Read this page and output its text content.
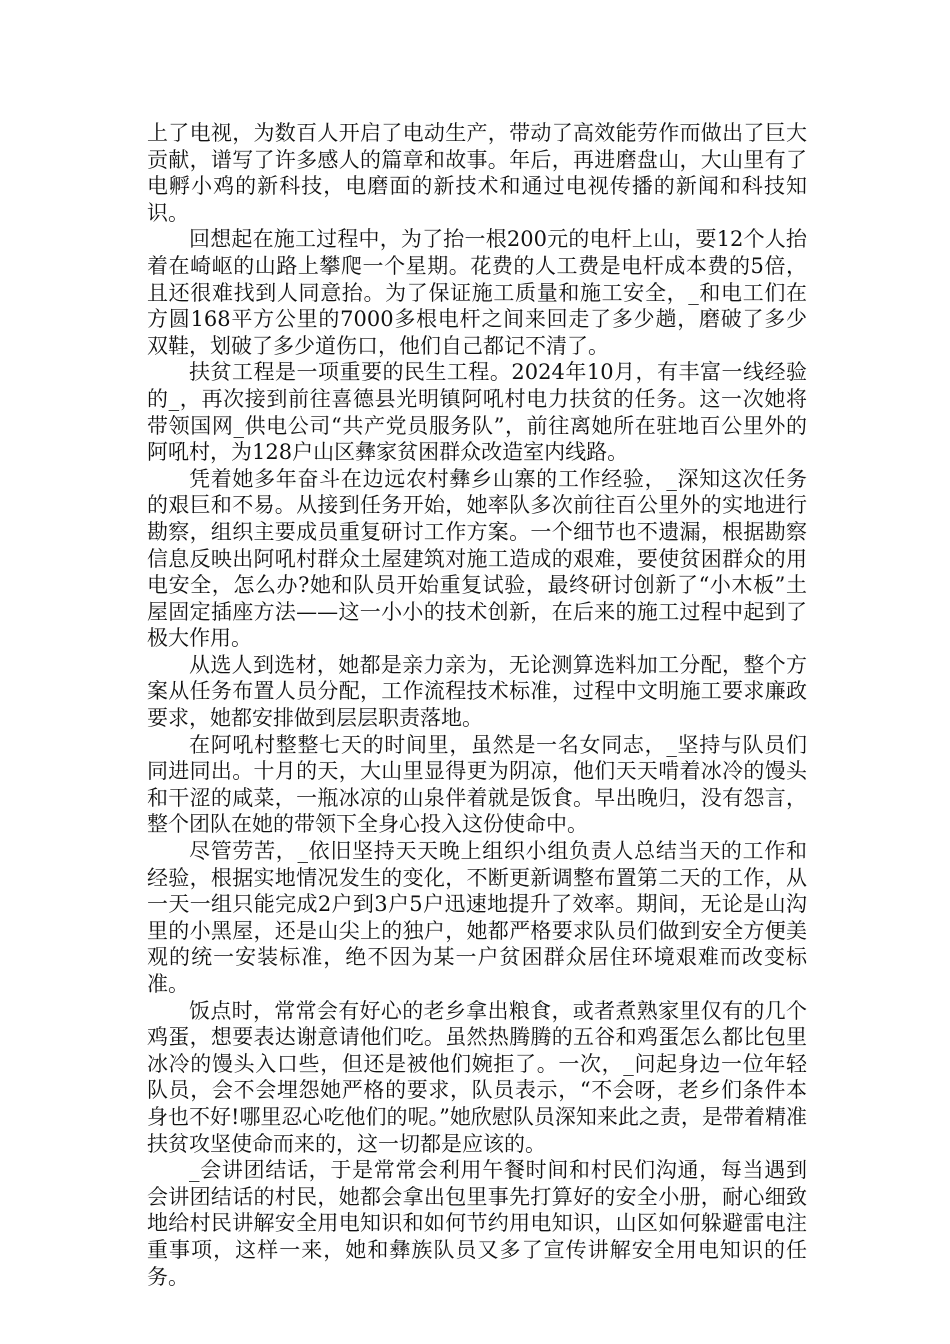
上了电视，为数百人开启了电动生产，带动了高效能劳作而做出了巨大贡献，谱写了许多感人的篇章和故事。年后，再进磨盘山，大山里有了电孵小鸡的新科技，电磨面的新技术和通过电视传播的新闻和科技知识。

回想起在施工过程中，为了抬一根200元的电杆上山，要12个人抬着在崎岖的山路上攀爬一个星期。花费的人工费是电杆成本费的5倍，且还很难找到人同意抬。为了保证施工质量和施工安全，_和电工们在方圆168平方公里的7000多根电杆之间来回走了多少趟，磨破了多少双鞋，划破了多少道伤口，他们自己都记不清了。

扶贫工程是一项重要的民生工程。2024年10月，有丰富一线经验的_，再次接到前往喜德县光明镇阿吼村电力扶贫的任务。这一次她将带领国网_供电公司“共产党员服务队”，前往离她所在驻地百公里外的阿吼村，为128户山区彝家贫困群众改造室内线路。

凭着她多年奋斗在边远农村彝乡山寨的工作经验，_深知这次任务的艰巨和不易。从接到任务开始，她率队多次前往百公里外的实地进行勘察，组织主要成员重复研讨工作方案。一个细节也不遗漏，根据勘察信息反映出阿吼村群众土屋建筑对施工造成的艰难，要使贫困群众的用电安全，怎么办?她和队员开始重复试验，最终研讨创新了“小木板”土屋固定插座方法——这一小小的技术创新，在后来的施工过程中起到了极大作用。

从选人到选材，她都是亲力亲为，无论测算选料加工分配，整个方案从任务布置人员分配，工作流程技术标准，过程中文明施工要求廉政要求，她都安排做到层层职责落地。

在阿吼村整整七天的时间里，虽然是一名女同志，_坚持与队员们同进同出。十月的天，大山里显得更为阴凉，他们天天啃着冰冷的馒头和干涩的咸菜，一瓶冰凉的山泉伴着就是饭食。早出晚归，没有怨言，整个团队在她的带领下全身心投入这份使命中。

尽管劳苦，_依旧坚持天天晚上组织小组负责人总结当天的工作和经验，根据实地情况发生的变化，不断更新调整布置第二天的工作，从一天一组只能完成2户到3户5户迅速地提升了效率。期间，无论是山沟里的小黑屋，还是山尖上的独户，她都严格要求队员们做到安全方便美观的统一安装标准，绝不因为某一户贫困群众居住环境艰难而改变标准。

饭点时，常常会有好心的老乡拿出粮食，或者煮熟家里仅有的几个鸡蛋，想要表达谢意请他们吃。虽然热腾腾的五谷和鸡蛋怎么都比包里冰冷的馒头入口些，但还是被他们婉拒了。一次，_问起身边一位年轻队员，会不会埋怨她严格的要求，队员表示，“不会呀，老乡们条件本身也不好!哪里忍心吃他们的呢。”她欣慰队员深知来此之责，是带着精准扶贫攻坚使命而来的，这一切都是应该的。

_会讲团结话，于是常常会利用午餐时间和村民们沟通，每当遇到会讲团结话的村民，她都会拿出包里事先打算好的安全小册，耐心细致地给村民讲解安全用电知识和如何节约用电知识，山区如何躲避雷电注重事项，这样一来，她和彝族队员又多了宣传讲解安全用电知识的任务。
